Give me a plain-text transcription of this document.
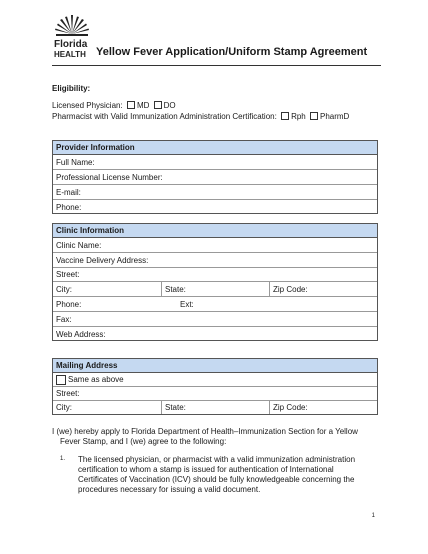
Florida
HEALTH Yellow Fever Application/Uniform Stamp Agreement
Eligibility:
Licensed Physician: MD DO
Pharmacist with Valid Immunization Administration Certification: Rph PharmD
Provider Information
Full Name:
Professional License Number:
E-mail:
Phone:
Clinic Information
Clinic Name:
Vaccine Delivery Address:
Street:
City:	State:	Zip Code:
Phone:	Ext:
Fax:
Web Address:
Mailing Address
Same as above
Street:
City:	State:	Zip Code:
I (we) hereby apply to Florida Department of Health–Immunization Section for a Yellow
Fever Stamp, and I (we) agree to the following:
1. The licensed physician, or pharmacist with a valid immunization administration
certification to whom a stamp is issued for authentication of International
Certificates of Vaccination (ICV) should be fully knowledgeable concerning the
procedures necessary for issuing a valid document.
1
